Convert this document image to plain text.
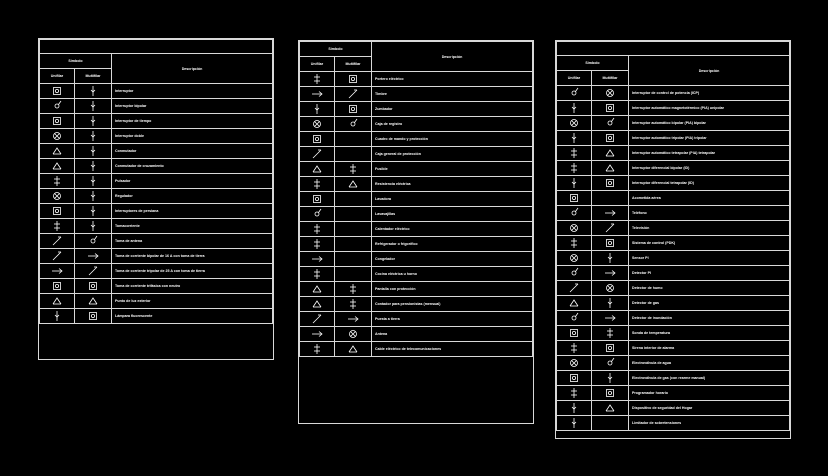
Símbolo		Descripción
Unifilar	Multifilar	

	Interruptor

	Interruptor bipolar

	Interruptor de tiempo

	Interruptor doble

	Conmutador

	Conmutador de cruzamiento

	Pulsador

	Regulador

	Interruptores de persiana

	Tomacorriente

	Toma de antena

	Toma de corriente bipolar de 16 A con toma de tierra

	Toma de corriente tripolar de 25 A con toma de tierra

	Toma de corriente trifásica con neutro

	Punto de luz exterior

	Lámpara fluorescente
Símbolo		Descripción
Unifilar	Multifilar	

	Portero eléctrico

	Timbre

	Zumbador

	Caja de registro

	Cuadro de mando y protección

	Caja general de protección

	Fusible

	Resistencia eléctrica

	Lavadora

	Lavavajillas

	Calentador eléctrico

	Refrigerador o frigorífico

	Congelador

	Cocina eléctrica u horno

	Pantalla con protección

	Contador para pensionistas (mensual)

	Puesta a tierra

	Antena

	Cable eléctrico de telecomunicaciones

Símbolo		Descripción
Unifilar	Multifilar	

	Interruptor de control de potencia (ICP)

	Interruptor automático magnetotérmico (PIA) unipolar

	Interruptor automático bipolar (PIA) bipolar

	Interruptor automático tripolar (PIA) tripolar

	Interruptor automático tetrapolar (PIA) tetrapolar

	Interruptor diferencial bipolar (ID)

	Interruptor diferencial tetrapolar (ID)

	Acometida aérea

	Teléfono

	Televisión

	Sistema de control (PDK)

	Sensor PI

	Detector PI

	Detector de humo

	Detector de gas

	Detector de inundación

	Sonda de temperatura

	Sirena interior de alarma

	Electroválvula de agua

	Electroválvula de gas (con rearme manual)

	Programador horario

	Dispositivo de seguridad del Hogar

	Limitador de sobretensiones
